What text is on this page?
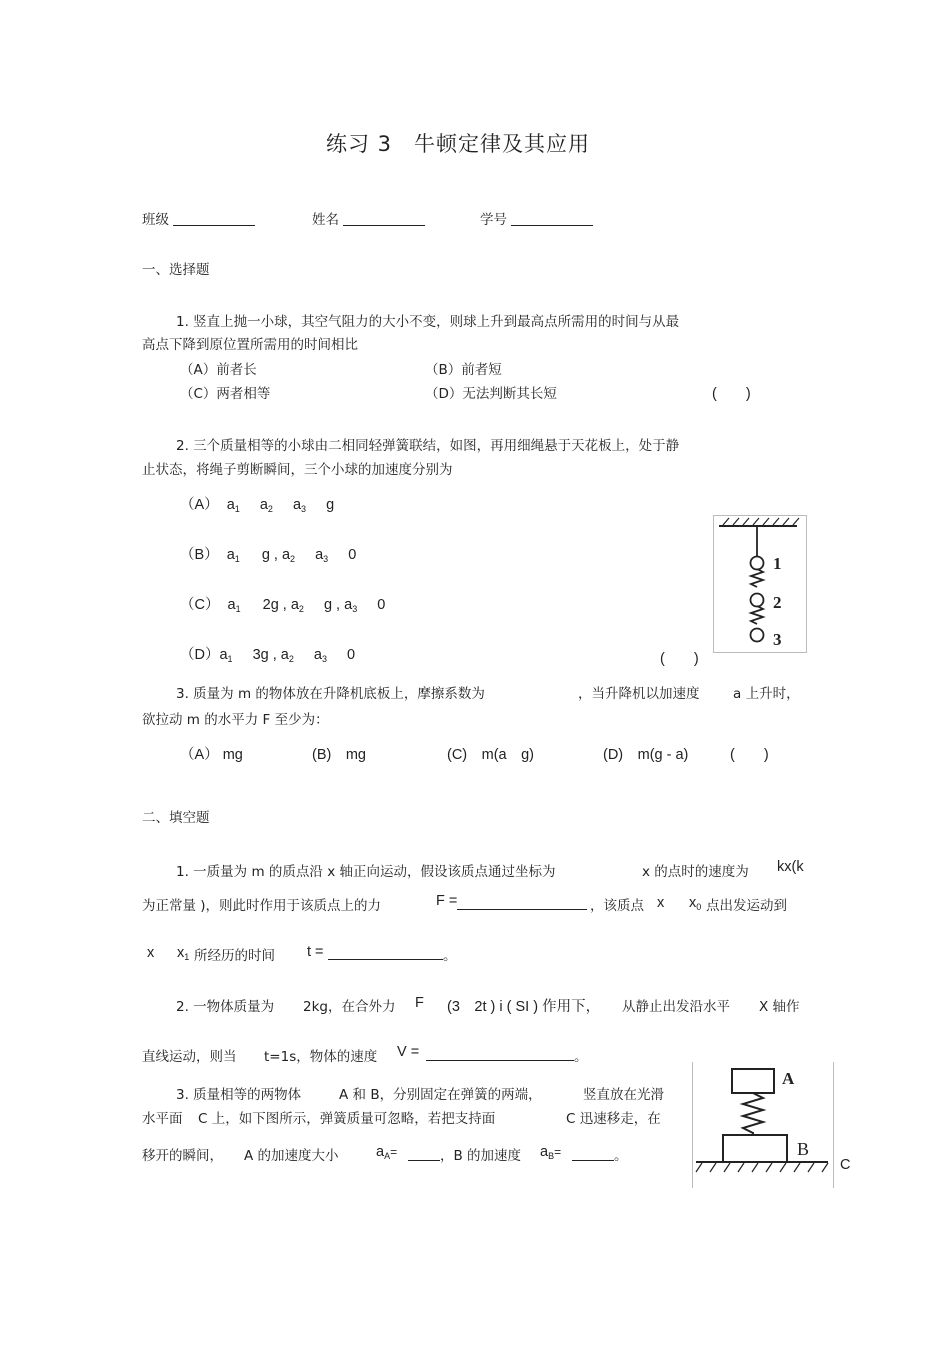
练习 3　牛顿定律及其应用
班级	姓名	学号
一、选择题
1. 竖直上抛一小球，其空气阻力的大小不变，则球上升到最高点所需用的时间与从最
高点下降到原位置所需用的时间相比
（A）前者长	（B）前者短
（C）两者相等	（D）无法判断其长短	(　　)
2. 三个质量相等的小球由二相同轻弹簧联结，如图，再用细绳悬于天花板上，处于静
止状态，将绳子剪断瞬间，三个小球的加速度分别为
（A） $a_1$ $a_2$ $a_3$ g
（B） $a_1$ g , $a_2$ $a_3$ 0
（C） $a_1$ 2g , $a_2$ g , $a_3$ 0
$(D)a_1$ 3g , $a_2$ $a_3$ 0	(　　)
1
2
3
3. 质量为 m 的物体放在升降机底板上，摩擦系数为	，当升降机以加速度 a 上升时，
欲拉动 m 的水平力 F 至少为：
（A） mg	(B)　mg	(C)　m(a　g)	(D)　m(g - a)	(　　)
二、填空题
1. 一质量为 m 的质点沿 x 轴正向运动，假设该质点通过坐标为	x 的点时的速度为 kx(k
为正常量 )，则此时作用于该质点上的力	F =	，该质点 x $x_0$ 点出发运动到
x $x_1$ 所经历的时间 t =	。
2. 一物体质量为 2kg，在合外力 F (3　2t ) i ( SI ) 作用下， 从静止出发沿水平 X 轴作
直线运动，则当 t=1s，物体的速度 V =	。
3. 质量相等的两物体	A 和 B，分别固定在弹簧的两端，	竖直放在光滑
水平面 C 上，如下图所示，弹簧质量可忽略，若把支持面	C 迅速移走，在
移开的瞬间， A 的加速度大小	$a_A=$	，B 的加速度 $a_B=$	。
A
B
C
